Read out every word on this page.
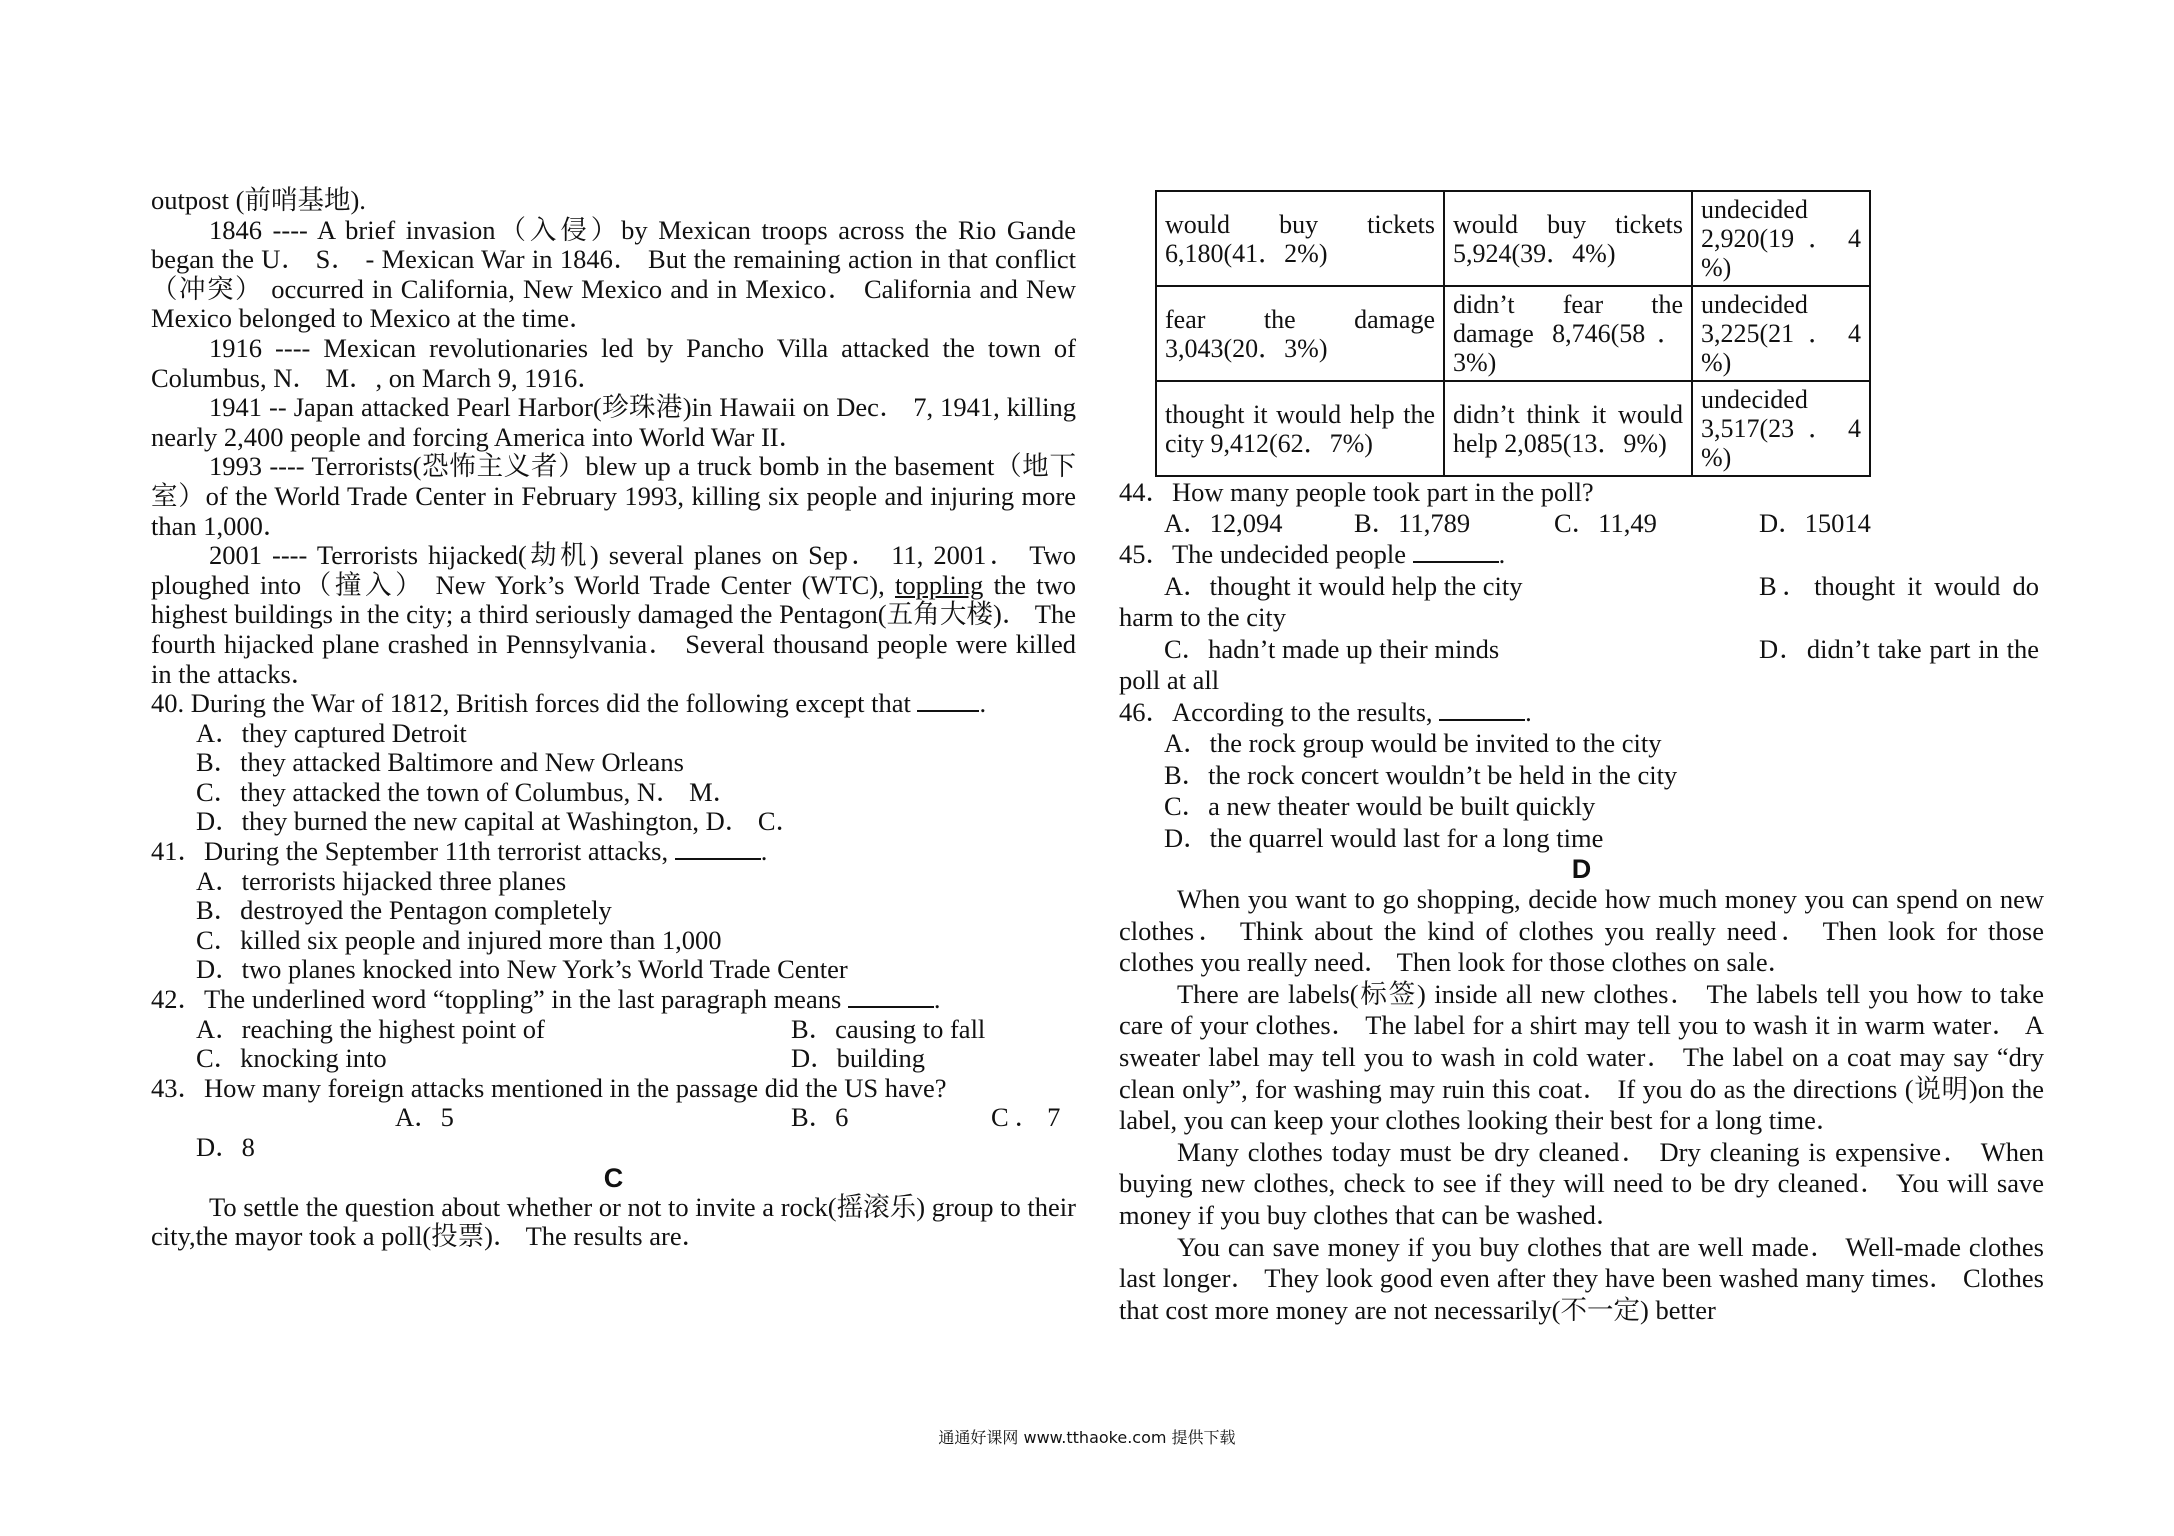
outpost (前哨基地).

1846 ---- A brief invasion（入侵）by Mexican troops across the Rio Gande began the U． S． - Mexican War in 1846． But the remaining action in that conflict（冲突） occurred in California, New Mexico and in Mexico． California and New Mexico belonged to Mexico at the time．

1916 ---- Mexican revolutionaries led by Pancho Villa attacked the town of Columbus, N． M．, on March 9, 1916．

1941 -- Japan attacked Pearl Harbor(珍珠港)in Hawaii on Dec． 7, 1941, killing nearly 2,400 people and forcing America into World War II．

1993 ---- Terrorists(恐怖主义者）blew up a truck bomb in the basement（地下室）of the World Trade Center in February 1993, killing six people and injuring more than 1,000．

2001 ---- Terrorists hijacked(劫机) several planes on Sep． 11, 2001． Two ploughed into（撞入） New York’s World Trade Center (WTC), toppling the two highest buildings in the city; a third seriously damaged the Pentagon(五角大楼)． The fourth hijacked plane crashed in Pennsylvania． Several thousand people were killed in the attacks．

40. During the War of 1812, British forces did the following except that	.

A．they captured Detroit
B．they attacked Baltimore and New Orleans
C．they attacked the town of Columbus, N． M．
D．they burned the new capital at Washington, D． C．
41．During the September 11th terrorist attacks,	.
A．terrorists hijacked three planes
B．destroyed the Pentagon completely
C．killed six people and injured more than 1,000
D．two planes knocked into New York’s World Trade Center
42．The underlined word “toppling” in the last paragraph means	.
A．reaching the highest point of	B．causing to fall
C．knocking into	D．building
43．How many foreign attacks mentioned in the passage did the US have?
A．5	B．6	C．7
D．8

C

To settle the question about whether or not to invite a rock(摇滚乐) group to their city,the mayor took a poll(投票)． The results are．

would buy tickets 6,180(41．2%)	would buy tickets 5,924(39．4%)	undecided 2,920(19．4 %)
fear the damage 3,043(20．3%)	didn’t fear the damage 8,746(58．3%)	undecided 3,225(21．4 %)
thought it would help the city 9,412(62．7%)	didn’t think it would help 2,085(13．9%)	undecided 3,517(23．4 %)
44．How many people took part in the poll?
A．12,094	B．11,789	C．11,49	D．15014
45．The undecided people	.
A．thought it would help the city	B．thought it would do harm to the city
C．hadn’t made up their minds	D．didn’t take part in the poll at all
46．According to the results,	.
A．the rock group would be invited to the city
B．the rock concert wouldn’t be held in the city
C．a new theater would be built quickly
D．the quarrel would last for a long time

D

When you want to go shopping, decide how much money you can spend on new clothes． Think about the kind of clothes you really need． Then look for those clothes you really need． Then look for those clothes on sale．

There are labels(标签) inside all new clothes． The labels tell you how to take care of your clothes． The label for a shirt may tell you to wash it in warm water． A sweater label may tell you to wash in cold water． The label on a coat may say “dry clean only”, for washing may ruin this coat． If you do as the directions (说明)on the label, you can keep your clothes looking their best for a long time．

Many clothes today must be dry cleaned． Dry cleaning is expensive． When buying new clothes, check to see if they will need to be dry cleaned． You will save money if you buy clothes that can be washed．

You can save money if you buy clothes that are well made． Well-made clothes last longer． They look good even after they have been washed many times． Clothes that cost more money are not necessarily(不一定) better

通通好课网 www.tthaoke.com 提供下载
